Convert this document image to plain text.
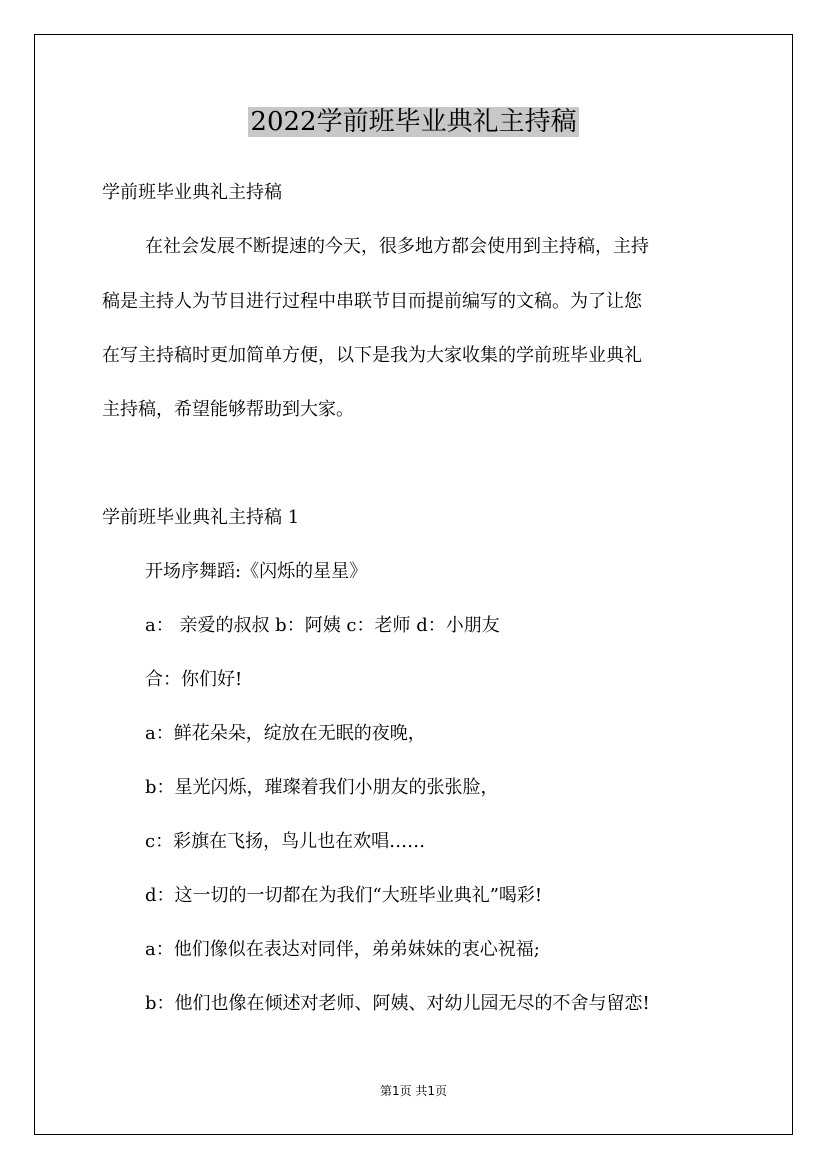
2022学前班毕业典礼主持稿
学前班毕业典礼主持稿
在社会发展不断提速的今天，很多地方都会使用到主持稿，主持
稿是主持人为节目进行过程中串联节目而提前编写的文稿。为了让您
在写主持稿时更加简单方便，以下是我为大家收集的学前班毕业典礼
主持稿，希望能够帮助到大家。
学前班毕业典礼主持稿 1
开场序舞蹈:《闪烁的星星》
a： 亲爱的叔叔 b：阿姨 c：老师 d：小朋友
合：你们好!
a：鲜花朵朵，绽放在无眠的夜晚，
b：星光闪烁，璀璨着我们小朋友的张张脸，
c：彩旗在飞扬，鸟儿也在欢唱……
d：这一切的一切都在为我们“大班毕业典礼”喝彩!
a：他们像似在表达对同伴，弟弟妹妹的衷心祝福;
b：他们也像在倾述对老师、阿姨、对幼儿园无尽的不舍与留恋!
第1页 共1页
